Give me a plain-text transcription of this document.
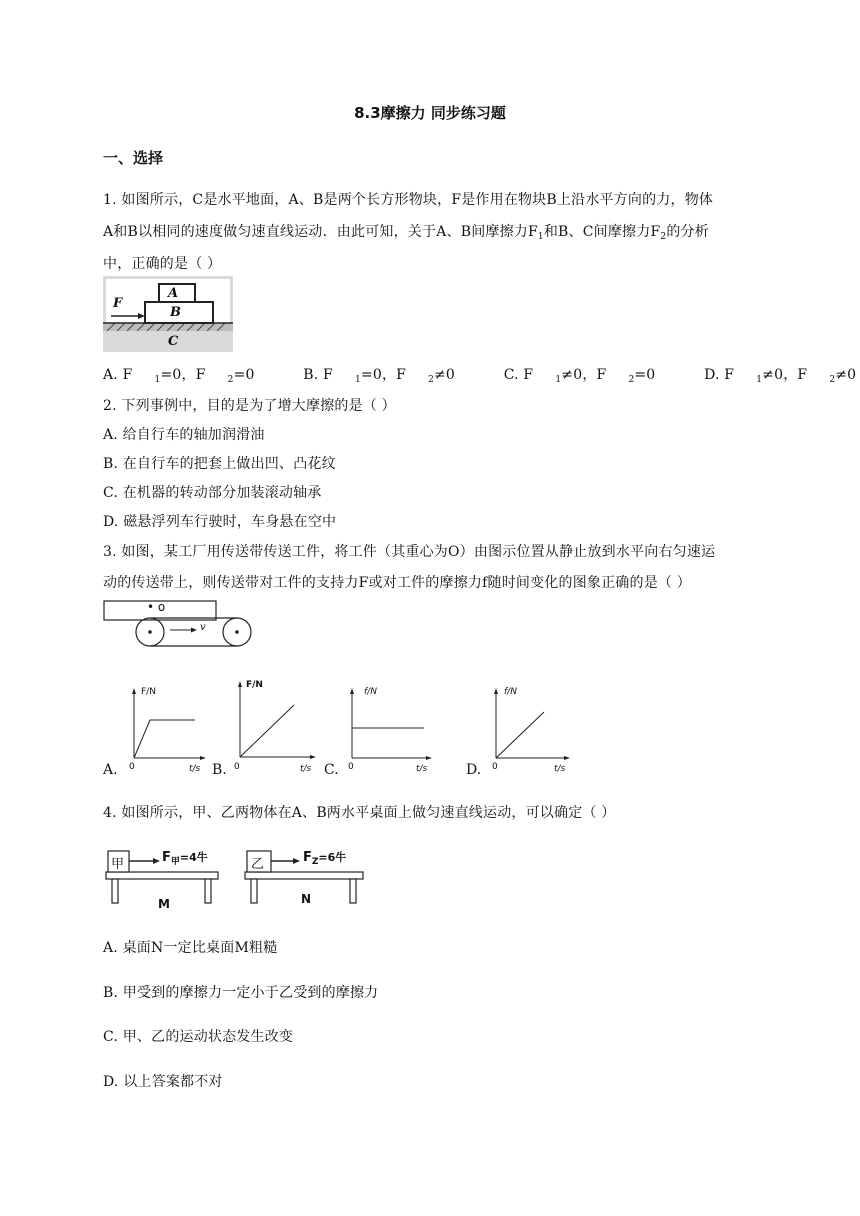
8.3摩擦力 同步练习题
一、选择
1. 如图所示，C是水平地面，A、B是两个长方形物块，F是作用在物块B上沿水平方向的力，物体
A和B以相同的速度做匀速直线运动．由此可知，关于A、B间摩擦力$F_1$和B、C间摩擦力$F_2$的分析
中，正确的是（ ）
A
B
F
C
A. F $_1$=0，F $_2$=0	B. F $_1$=0，F $_2$≠0	C. F $_1$≠0，F $_2$=0	D. F $_1$≠0，F $_2$≠0
2. 下列事例中，目的是为了增大摩擦的是（ ）
A. 给自行车的轴加润滑油
B. 在自行车的把套上做出凹、凸花纹
C. 在机器的转动部分加装滚动轴承
D. 磁悬浮列车行驶时，车身悬在空中
3. 如图，某工厂用传送带传送工件，将工件（其重心为O）由图示位置从静止放到水平向右匀速运
动的传送带上，则传送带对工件的支持力F或对工件的摩擦力f随时间变化的图象正确的是（ ）
• o
v
A.
F/N
t/s
0	B.
F/N
t/s
0	C.
f/N
t/s
0	D.
f/N
t/s
0
4. 如图所示，甲、乙两物体在A、B两水平桌面上做匀速直线运动，可以确定（ ）
甲	$F_甲=4$牛
M
乙	$F_Z=6$牛
N
A. 桌面N一定比桌面M粗糙
B. 甲受到的摩擦力一定小于乙受到的摩擦力
C. 甲、乙的运动状态发生改变
D. 以上答案都不对
